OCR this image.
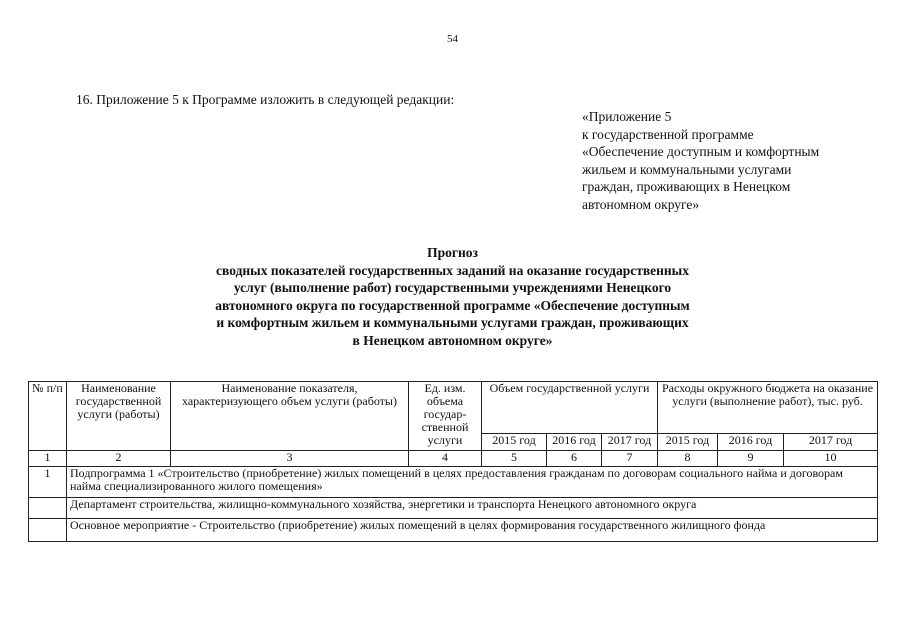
54
16. Приложение 5 к Программе изложить в следующей редакции:
«Приложение 5
к государственной программе
«Обеспечение доступным и комфортным
жильем и коммунальными услугами
граждан, проживающих в Ненецком
автономном округе»
Прогноз
сводных показателей государственных заданий на оказание государственных
услуг (выполнение работ) государственными учреждениями Ненецкого
автономного округа по государственной программе «Обеспечение доступным
и комфортным жильем и коммунальными услугами граждан, проживающих
в Ненецком автономном округе»
№ п/п	Наименование государственной услуги (работы)	Наименование показателя, характеризующего объем услуги (работы)	Ед. изм. объема государ-ственной услуги	Объем государственной услуги			Расходы окружного бюджета на оказание услуги (выполнение работ), тыс. руб.		
				2015 год	2016 год	2017 год	2015 год	2016 год	2017 год
1	2	3	4	5	6	7	8	9	10
1	Подпрограмма 1 «Строительство (приобретение) жилых помещений в целях предоставления гражданам по договорам социального найма и договорам найма специализированного жилого помещения»								
	Департамент строительства, жилищно-коммунального хозяйства, энергетики и транспорта Ненецкого автономного округа								
	Основное мероприятие - Строительство (приобретение) жилых помещений в целях формирования государственного жилищного фонда								
